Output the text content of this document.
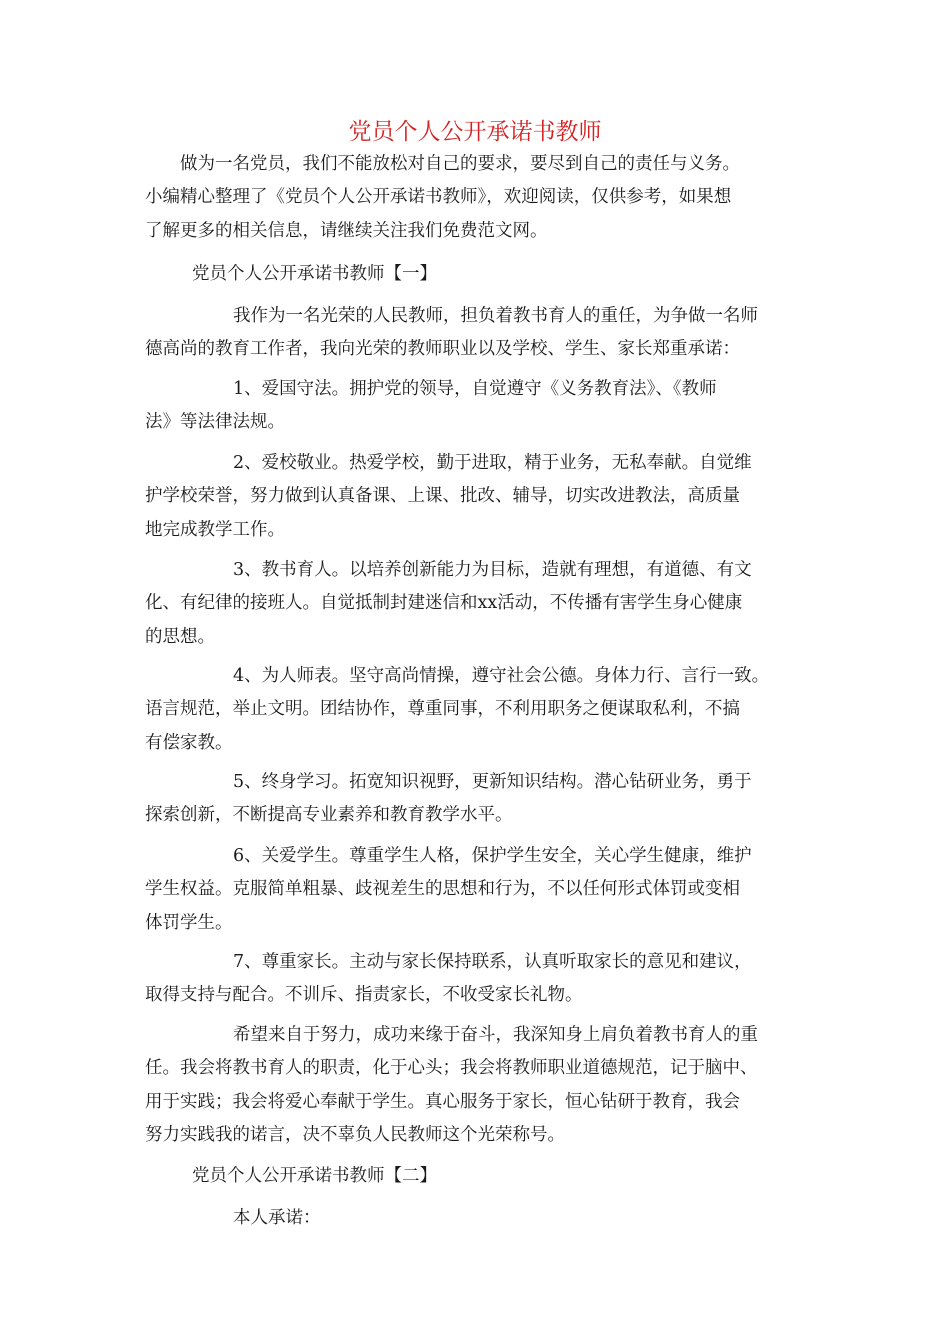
党员个人公开承诺书教师

做为一名党员，我们不能放松对自己的要求，要尽到自己的责任与义务。
小编精心整理了《党员个人公开承诺书教师》，欢迎阅读，仅供参考，如果想
了解更多的相关信息，请继续关注我们免费范文网。

党员个人公开承诺书教师【一】

我作为一名光荣的人民教师，担负着教书育人的重任，为争做一名师
德高尚的教育工作者，我向光荣的教师职业以及学校、学生、家长郑重承诺：

1、爱国守法。拥护党的领导，自觉遵守《义务教育法》、《教师
法》等法律法规。

2、爱校敬业。热爱学校，勤于进取，精于业务，无私奉献。自觉维
护学校荣誉，努力做到认真备课、上课、批改、辅导，切实改进教法，高质量
地完成教学工作。

3、教书育人。以培养创新能力为目标，造就有理想，有道德、有文
化、有纪律的接班人。自觉抵制封建迷信和xx活动，不传播有害学生身心健康
的思想。

4、为人师表。坚守高尚情操，遵守社会公德。身体力行、言行一致。
语言规范，举止文明。团结协作，尊重同事，不利用职务之便谋取私利，不搞
有偿家教。

5、终身学习。拓宽知识视野，更新知识结构。潜心钻研业务，勇于
探索创新，不断提高专业素养和教育教学水平。

6、关爱学生。尊重学生人格，保护学生安全，关心学生健康，维护
学生权益。克服简单粗暴、歧视差生的思想和行为，不以任何形式体罚或变相
体罚学生。

7、尊重家长。主动与家长保持联系，认真听取家长的意见和建议，
取得支持与配合。不训斥、指责家长，不收受家长礼物。

希望来自于努力，成功来缘于奋斗，我深知身上肩负着教书育人的重
任。我会将教书育人的职责，化于心头；我会将教师职业道德规范，记于脑中、
用于实践；我会将爱心奉献于学生。真心服务于家长，恒心钻研于教育，我会
努力实践我的诺言，决不辜负人民教师这个光荣称号。

党员个人公开承诺书教师【二】

本人承诺：
